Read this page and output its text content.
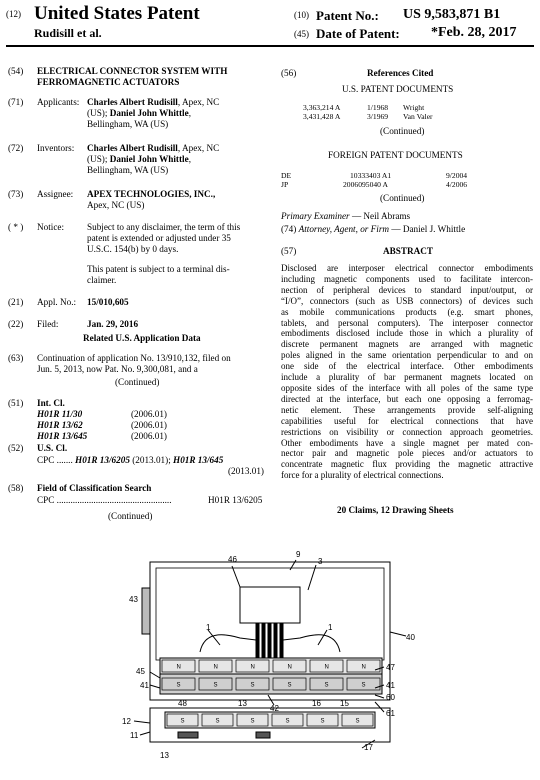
(12) United States Patent
Rudisill et al.
(10) Patent No.: US 9,583,871 B1
(45) Date of Patent: *Feb. 28, 2017
(54) ELECTRICAL CONNECTOR SYSTEM WITH
FERROMAGNETIC ACTUATORS
(71) Applicants: Charles Albert Rudisill, Apex, NC
(US); Daniel John Whittle,
Bellingham, WA (US)
(72) Inventors: Charles Albert Rudisill, Apex, NC
(US); Daniel John Whittle,
Bellingham, WA (US)
(73) Assignee: APEX TECHNOLOGIES, INC.,
Apex, NC (US)
( * ) Notice: Subject to any disclaimer, the term of this
patent is extended or adjusted under 35
U.S.C. 154(b) by 0 days.
This patent is subject to a terminal dis-
claimer.
(21) Appl. No.: 15/010,605
(22) Filed:	Jan. 29, 2016
Related U.S. Application Data
(63) Continuation of application No. 13/910,132, filed on
Jun. 5, 2013, now Pat. No. 9,300,081, and a
(Continued)
(51) Int. Cl.
H01R 11/30	(2006.01)
H01R 13/62	(2006.01)
H01R 13/645	(2006.01)
(52) U.S. Cl.
CPC ....... H01R 13/6205 (2013.01); H01R 13/645
(2013.01)
(58) Field of Classification Search
CPC ..................................................	H01R 13/6205
(Continued)
(56)	References Cited
U.S. PATENT DOCUMENTS
3,363,214 A	1/1968 Wright
3,431,428 A	3/1969 Van Valer
(Continued)
FOREIGN PATENT DOCUMENTS
DE	10333403 A1	9/2004
JP	2006095040 A	4/2006
(Continued)
Primary Examiner — Neil Abrams
(74) Attorney, Agent, or Firm — Daniel J. Whittle
(57)	ABSTRACT
Disclosed are interposer electrical connector embodiments
including magnetic components used to facilitate intercon-
nection of peripheral devices to standard input/output, or
“I/O”, connectors (such as USB connectors) of devices such
as mobile communications products (e.g. smart phones,
tablets, and personal computers). The interposer connector
embodiments disclosed include those in which a plurality of
discrete permanent magnets are arranged with magnetic
poles aligned in the same orientation perpendicular to and on
one side of the electrical interface. Other embodiments
include a plurality of bar permanent magnets located on
opposite sides of the interface with all poles of the same type
directed at the interface, but each one opposing a ferromag-
netic element. These arrangements provide self-aligning
capabilities useful for electrical connections that have
restrictions on visibility or connection approach geometries.
Other embodiments have a single magnet per mated con-
nector pair and magnetic pole pieces and/or actuators to
concentrate magnetic flux providing the magnetic attractive
force for a plurality of electrical connections.
20 Claims, 12 Drawing Sheets
N	N	N	N	N	N
S	S	S	S	S	S
S	S	S	S	S	S
46
9
3
43
40
1	1
45
41
47
41
60
42
61
48	13	16 15
12
11
17
13
